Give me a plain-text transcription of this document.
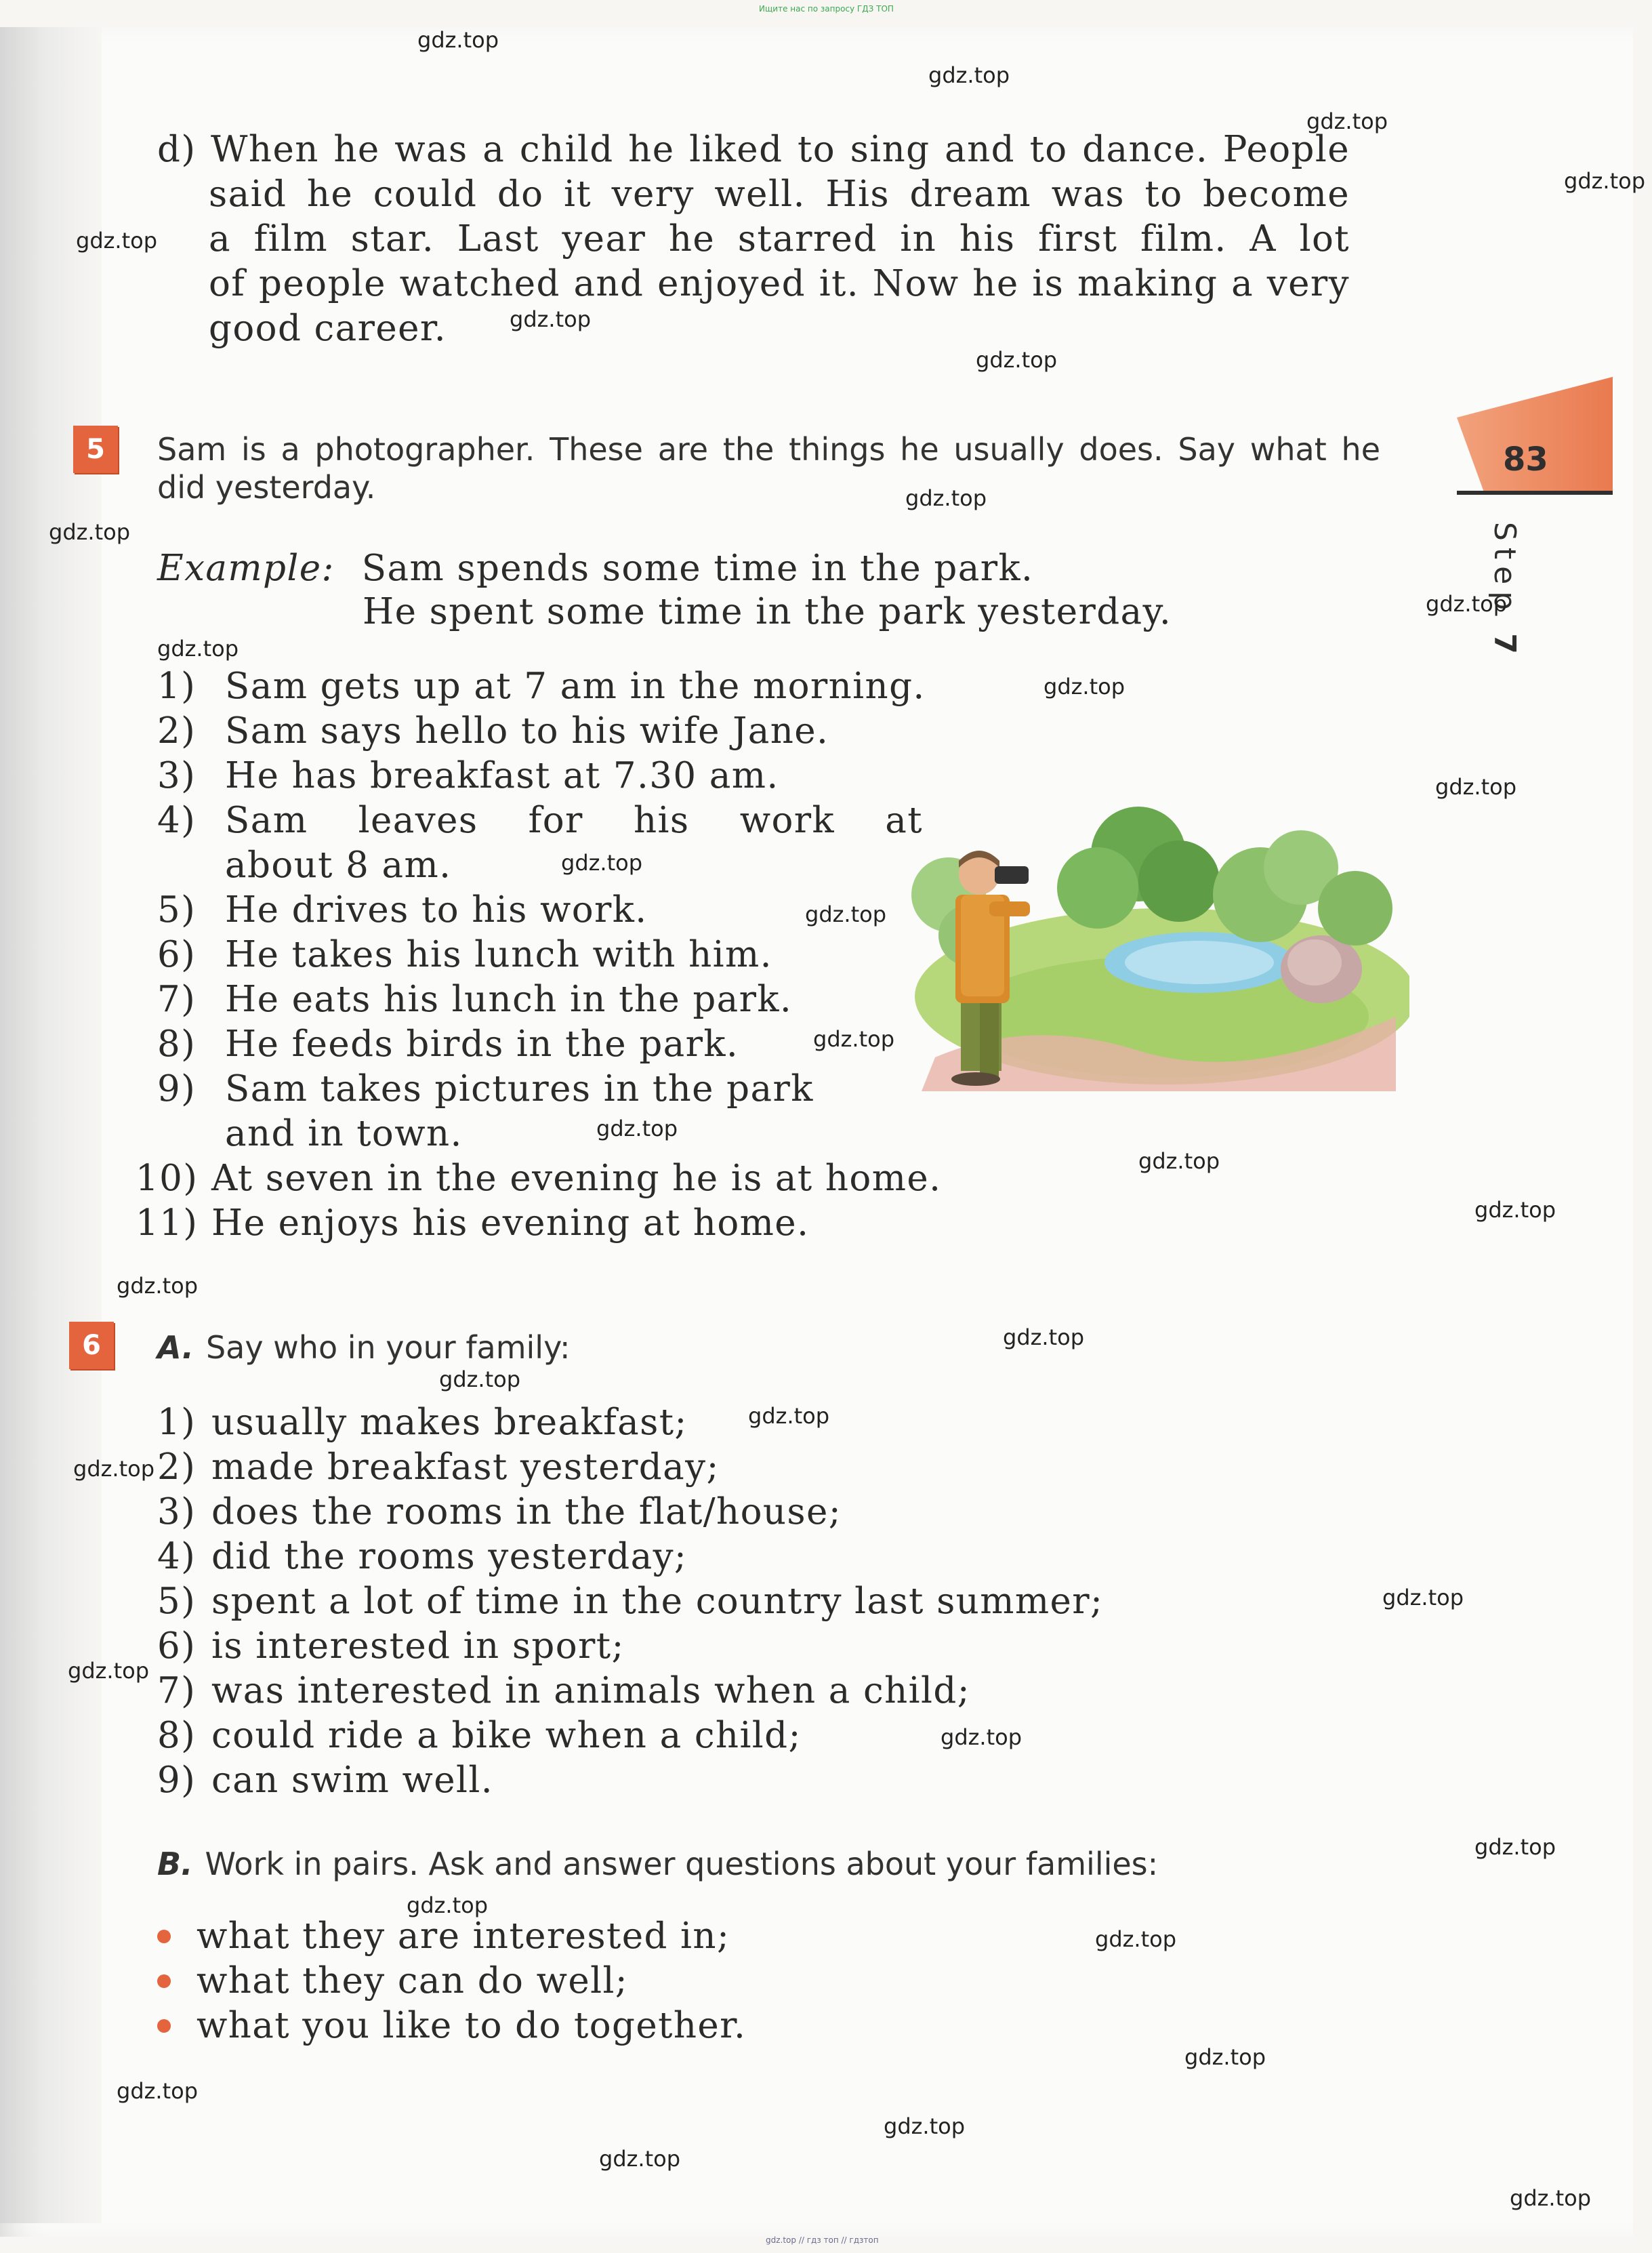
Ищите нас по запросу ГДЗ ТОП
83
Step 7
d) When he was a child he liked to sing and to dance. People
said he could do it very well. His dream was to become
a film star. Last year he starred in his first film. A lot
of people watched and enjoyed it. Now he is making a very
good career.
5	Sam is a photographer. These are the things he usually does. Say what he
did yesterday.
Example: Sam spends some time in the park.
He spent some time in the park yesterday.
1) Sam gets up at 7 am in the morning.
2) Sam says hello to his wife Jane.
3) He has breakfast at 7.30 am.
4) Sam leaves for his work at
about 8 am.
5) He drives to his work.
6) He takes his lunch with him.
7) He eats his lunch in the park.
8) He feeds birds in the park.
9) Sam takes pictures in the park
and in town.
10) At seven in the evening he is at home.
11) He enjoys his evening at home.
6	A. Say who in your family:
1) usually makes breakfast;
2) made breakfast yesterday;
3) does the rooms in the flat/house;
4) did the rooms yesterday;
5) spent a lot of time in the country last summer;
6) is interested in sport;
7) was interested in animals when a child;
8) could ride a bike when a child;
9) can swim well.
B. Work in pairs. Ask and answer questions about your families:
what they are interested in;
what they can do well;
what you like to do together.
gdz.top
gdz.top
gdz.top
gdz.top
gdz.top
gdz.top
gdz.top
gdz.top
gdz.top
gdz.top
gdz.top
gdz.top
gdz.top
gdz.top
gdz.top
gdz.top
gdz.top
gdz.top
gdz.top
gdz.top
gdz.top
gdz.top
gdz.top
gdz.top
gdz.top
gdz.top
gdz.top
gdz.top
gdz.top
gdz.top
gdz.top
gdz.top
gdz.top
gdz.top
gdz.top
gdz.top // гдз топ // гдзтоп
